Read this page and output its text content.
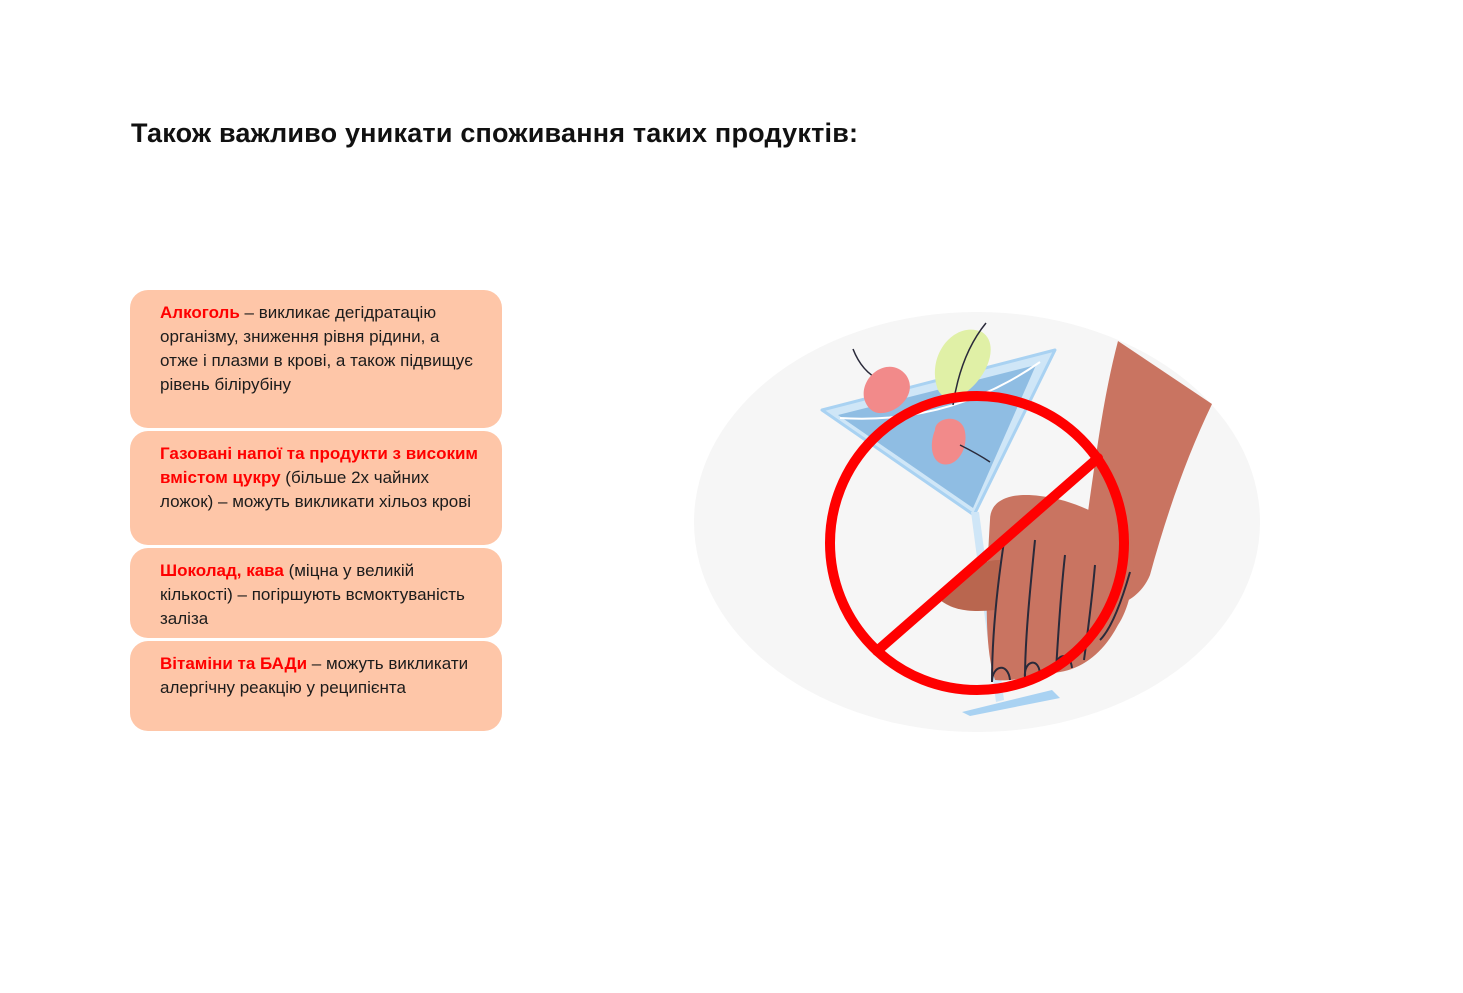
Також важливо уникати споживання таких продуктів:
Алкоголь – викликає дегідратацію організму, зниження рівня рідини, а отже і плазми в крові, а також підвищує рівень білірубіну
Газовані напої та продукти з високим вмістом цукру (більше 2х чайних ложок) – можуть викликати хільоз крові
Шоколад, кава (міцна у великій кількості) – погіршують всмоктуваність заліза
Вітаміни та БАДи – можуть викликати алергічну реакцію у реципієнта
